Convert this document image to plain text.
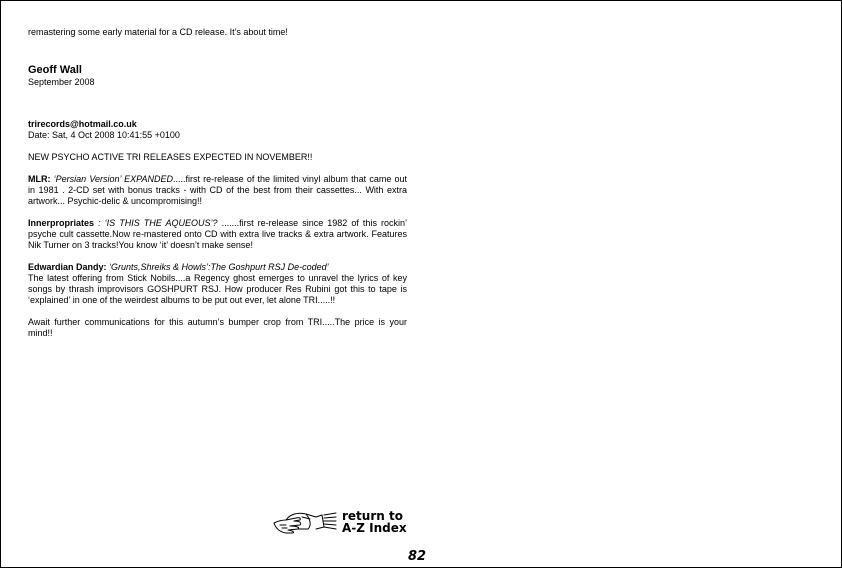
remastering some early material for a CD release. It’s about time!

Geoff Wall

September 2008

trirecords@hotmail.co.uk

Date: Sat, 4 Oct 2008 10:41:55 +0100

NEW PSYCHO ACTIVE TRI RELEASES EXPECTED IN NOVEMBER!!

MLR: ‘Persian Version’ EXPANDED.....first re-release of the limited vinyl album that came out in 1981 . 2-CD set with bonus tracks - with CD of the best from their cassettes... With extra artwork... Psychic-delic & uncompromising!!

Innerpropriates : ‘IS THIS THE AQUEOUS’? .......first re-release since 1982 of this rockin’ psyche cult cassette.Now re-mastered onto CD with extra live tracks & extra artwork. Features Nik Turner on 3 tracks!You know ‘it’ doesn’t make sense!

Edwardian Dandy: ‘Grunts,Shreiks & Howls’:The Goshpurt RSJ De-coded’

The latest offering from Stick Nobils....a Regency ghost emerges to unravel the lyrics of key songs by thrash improvisors GOSHPURT RSJ. How producer Res Rubini got this to tape is ‘explained’ in one of the weirdest albums to be put out ever, let alone TRI.....!!

Await further communications for this autumn’s bumper crop from TRI.....The price is your mind!!

return to
A-Z Index
82
